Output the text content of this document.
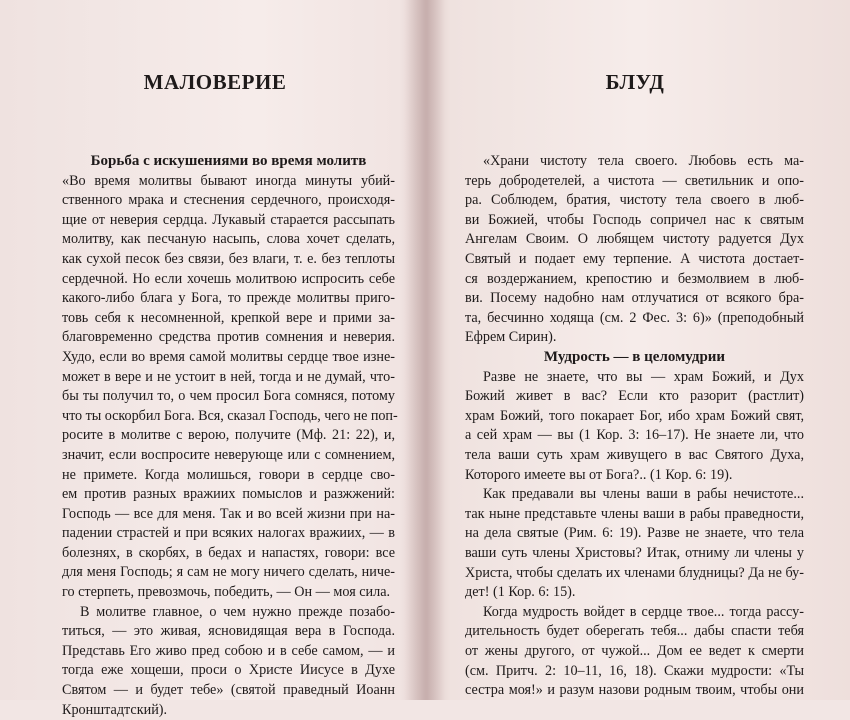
МАЛОВЕРИЕ
Борьба с искушениями во время молитв
«Во время молитвы бывают иногда минуты убий-
ственного мрака и стеснения сердечного, происходя-
щие от неверия сердца. Лукавый старается рассыпать
молитву, как песчаную насыпь, слова хочет сделать,
как сухой песок без связи, без влаги, т. е. без теплоты
сердечной. Но если хочешь молитвою испросить себе
какого-либо блага у Бога, то прежде молитвы приго-
товь себя к несомненной, крепкой вере и прими за-
благовременно средства против сомнения и неверия.
Худо, если во время самой молитвы сердце твое изне-
может в вере и не устоит в ней, тогда и не думай, чтo-
бы ты получил то, о чем просил Бога сомняся, потому
что ты оскорбил Бога. Вся, сказал Господь, чего не поп-
росите в молитве с верою, получите (Мф. 21: 22), и,
значит, если воспросите неверующе или с сомнением,
не примете. Когда молишься, говори в сердце сво-
ем против разных вражиих помыслов и разжжений:
Господь — все для меня. Так и во всей жизни при на-
падении страстей и при всяких налогах вражиих, — в
болезнях, в скорбях, в бедах и напастях, говори: все
для меня Господь; я сам не могу ничего сделать, ниче-
го стерпеть, превозмочь, победить, — Он — моя сила.
В молитве главное, о чем нужно прежде позабо-
титься, — это живая, ясновидящая вера в Господа.
Представь Его живо пред собою и в себе самом, — и
тогда еже хощеши, проси о Христе Иисусе в Духе
Святом — и будет тебе» (святой праведный Иоанн
Кронштадтский).
БЛУД
«Храни чистоту тела своего. Любовь есть ма-
терь добродетелей, а чистота — светильник и опо-
ра. Соблюдем, братия, чистоту тела своего в люб-
ви Божией, чтобы Господь сопричел нас к святым
Ангелам Своим. О любящем чистоту радуется Дух
Святый и подает ему терпение. А чистота достает-
ся воздержанием, крепостию и безмолвием в люб-
ви. Посему надобно нам отлучатися от всякого бра-
та, бесчинно ходяща (см. 2 Фес. 3: 6)» (преподобный
Ефрем Сирин).
Мудрость — в целомудрии
Разве не знаете, что вы — храм Божий, и Дух
Божий живет в вас? Если кто разорит (растлит)
храм Божий, того покарает Бог, ибо храм Божий свят,
а сей храм — вы (1 Кор. 3: 16–17). Не знаете ли, что
тела ваши суть храм живущего в вас Святого Духа,
Которого имеете вы от Бога?.. (1 Кор. 6: 19).
Как предавали вы члены ваши в рабы нечистоте...
так ныне представьте члены ваши в рабы праведности,
на дела святые (Рим. 6: 19). Разве не знаете, что тела
ваши суть члены Христовы? Итак, отниму ли члены у
Христа, чтобы сделать их членами блудницы? Да не бу-
дет! (1 Кор. 6: 15).
Когда мудрость войдет в сердце твое... тогда рассу-
дительность будет оберегать тебя... дабы спасти тебя
от жены другого, от чужой... Дом ее ведет к смерти
(см. Притч. 2: 10–11, 16, 18). Скажи мудрости: «Ты
сестра моя!» и разум назови родным твоим, чтобы они
